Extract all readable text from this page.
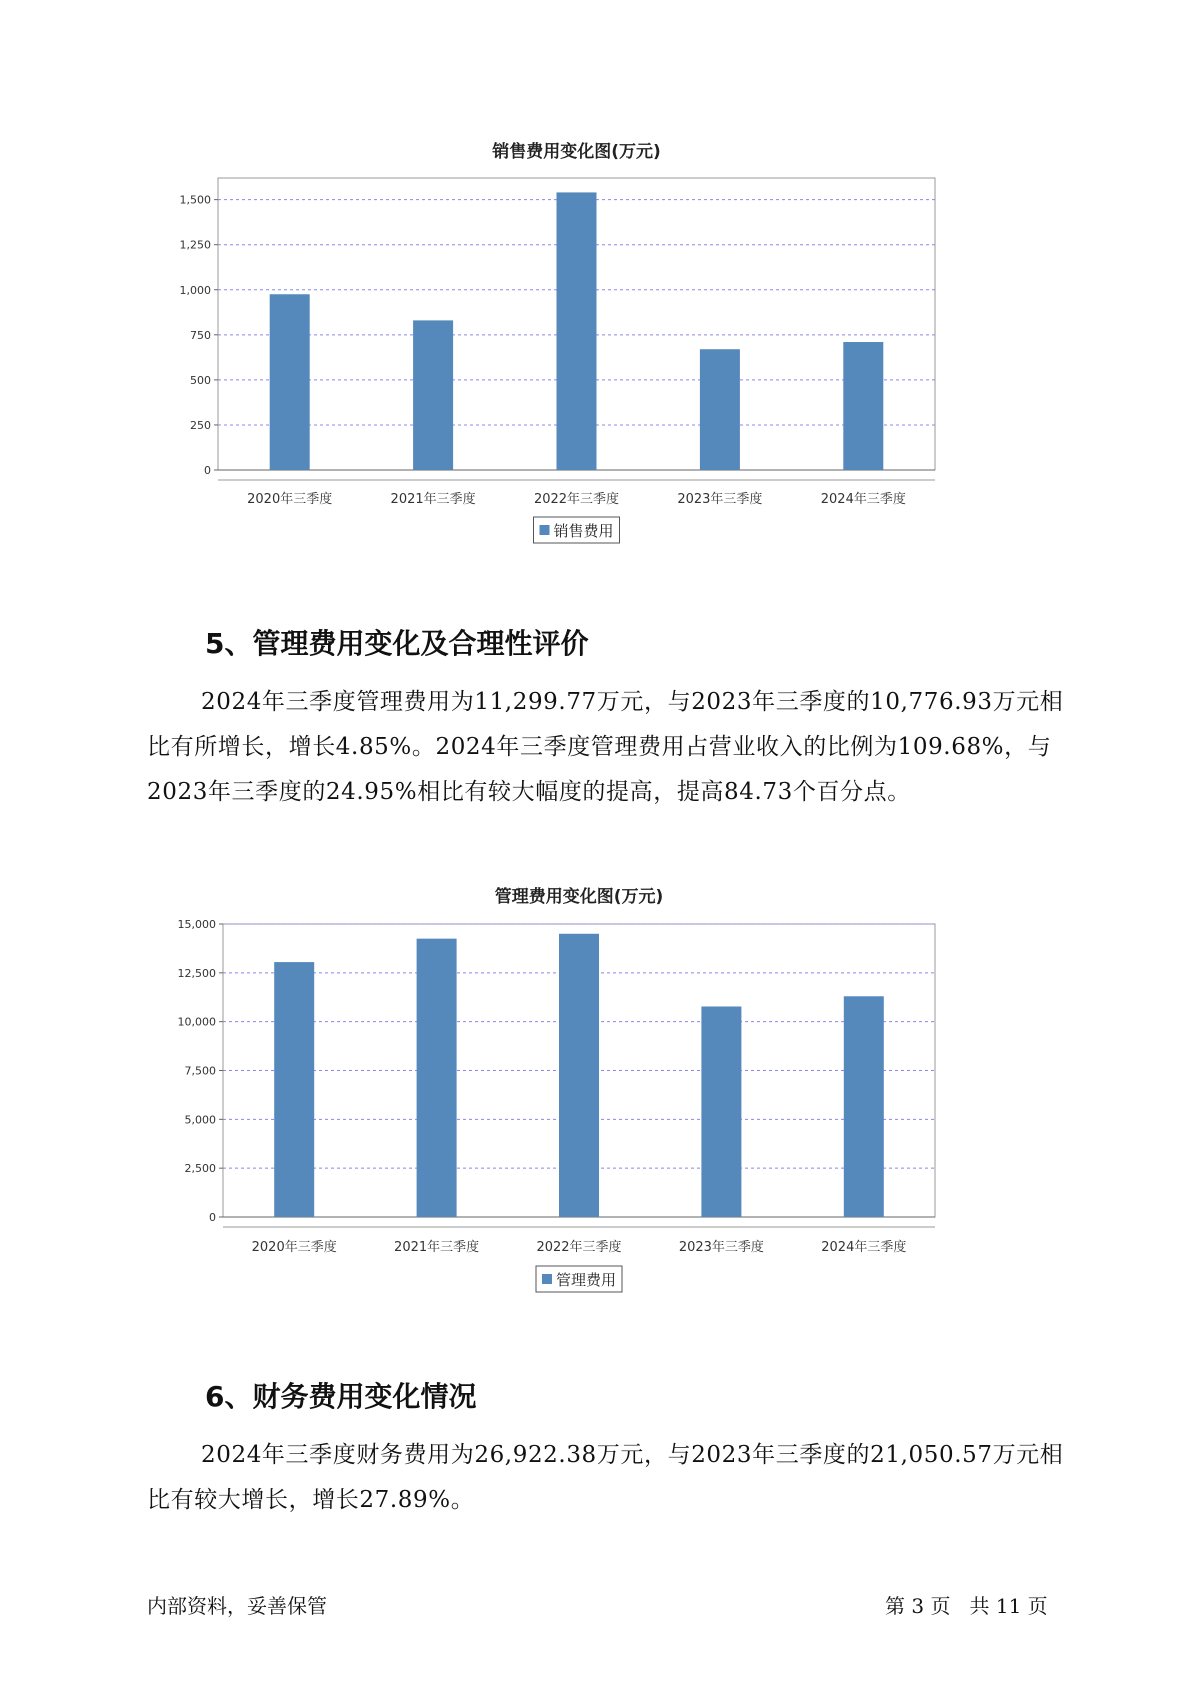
销售费用变化图(万元)
0
250
500
750
1,000
1,250
1,500
2020年三季度	2021年三季度	2022年三季度	2023年三季度	2024年三季度
销售费用
5、管理费用变化及合理性评价

2024年三季度管理费用为11,299.77万元，与2023年三季度的10,776.93万元相比有所增长，增长4.85%。2024年三季度管理费用占营业收入的比例为109.68%，与2023年三季度的24.95%相比有较大幅度的提高，提高84.73个百分点。

管理费用变化图(万元)
0
2,500
5,000
7,500
10,000
12,500
15,000
2020年三季度	2021年三季度	2022年三季度	2023年三季度	2024年三季度
管理费用
6、财务费用变化情况

2024年三季度财务费用为26,922.38万元，与2023年三季度的21,050.57万元相比有较大增长，增长27.89%。

内部资料，妥善保管	第 3 页   共 11 页
